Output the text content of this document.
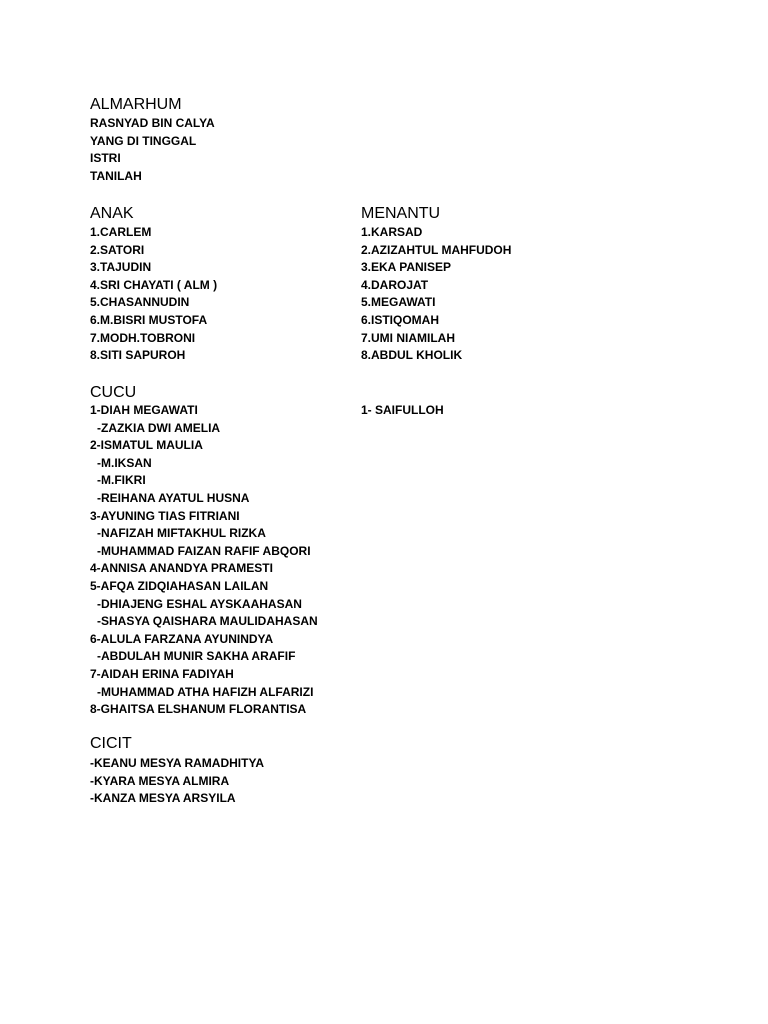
ALMARHUM
RASNYAD BIN CALYA
YANG DI TINGGAL
ISTRI
TANILAH
ANAK
1.CARLEM
2.SATORI
3.TAJUDIN
4.SRI CHAYATI ( ALM )
5.CHASANNUDIN
6.M.BISRI MUSTOFA
7.MODH.TOBRONI
8.SITI SAPUROH
MENANTU
1.KARSAD
2.AZIZAHTUL MAHFUDOH
3.EKA PANISEP
4.DAROJAT
5.MEGAWATI
6.ISTIQOMAH
7.UMI NIAMILAH
8.ABDUL KHOLIK
CUCU
1-DIAH MEGAWATI
-ZAZKIA DWI AMELIA
2-ISMATUL MAULIA
-M.IKSAN
-M.FIKRI
-REIHANA AYATUL HUSNA
3-AYUNING TIAS FITRIANI
-NAFIZAH MIFTAKHUL RIZKA
-MUHAMMAD FAIZAN RAFIF ABQORI
4-ANNISA ANANDYA PRAMESTI
5-AFQA ZIDQIAHASAN LAILAN
-DHIAJENG ESHAL AYSKAAHASAN
-SHASYA QAISHARA MAULIDAHASAN
6-ALULA FARZANA AYUNINDYA
-ABDULAH MUNIR SAKHA ARAFIF
7-AIDAH ERINA FADIYAH
-MUHAMMAD ATHA HAFIZH ALFARIZI
8-GHAITSA ELSHANUM FLORANTISA
1- SAIFULLOH
CICIT
-KEANU MESYA RAMADHITYA
-KYARA MESYA ALMIRA
-KANZA MESYA ARSYILA
